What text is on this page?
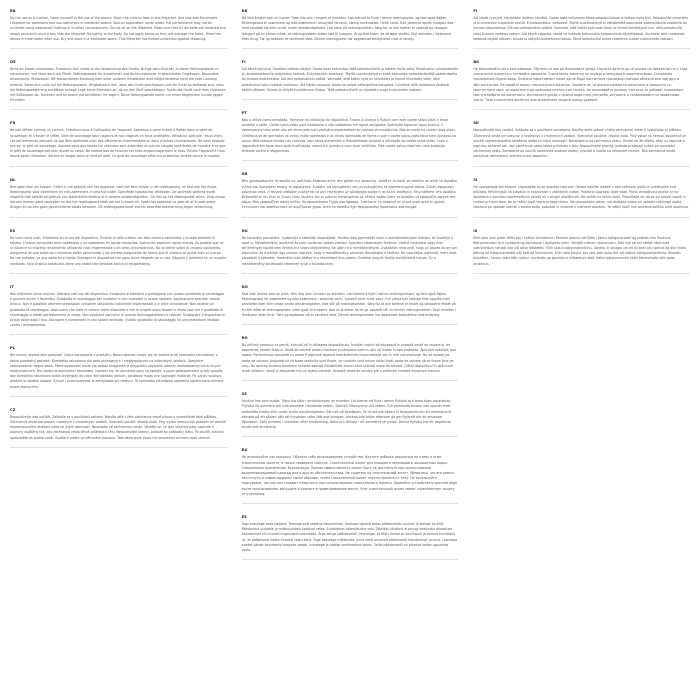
EN
Do not use as a cushion. Foam yourself in the use of the device. Teach the child to float in this lifejacket. And also test the whistle. Lifejacket for swimmers and non-swimmers in sheltered waters. Special application: white water. Full performance may not be achieved using waterproof clothing or in other circumstances. Do not sit on the lifejacket. Make sure that all the belts are fastened and straps secured in such a way that the lifejacket fits tightly to the body. Do not apply stains as they will damage the fabric. Rinse the device in fresh water after use. Dry and store in a ventilated space. This lifejacket has limited protection against drowning.
DE
Nicht als Kissen verwenden. Trainieren dich selbst in der Verwendung des Geräts. Bringe dem Kind bei, in dieser Rettungsweste zu schwimmen, und teste auch die Pfeife. Rettungsweste für Schwimmer und Nichtschwimmer in geschützten Gewässern. Besondere Anwendung: Wildwasser. Mit wasserdichter Kleidung oder unter anderen Umständen wird möglicherweise nicht die volle Leistung erreicht. Setze dich nicht auf die Rettungsweste. Vergewissere dich, dass alle Gurte geschlossen und die Gurte so befestigt sind, dass die Rettungsweste eng am Körper anliegt. Lege keine Steinbeln an, da sie den Stoff beschädigen. Spüle das Gerät nach dem Gebrauch mit Süßwasser ab. Trocknen und an einem gut belüfteten Ort lagern. Diese Rettungsweste bietet nur einen begrenzten Schutz gegen Ertrinken.
FR
Ne pas utiliser comme un coussin. Entraînez-vous à l'utilisation de l'appareil. Apprenez à votre enfant à flotter dans ce gilet de sauvetage, et à tester le sifflet. Gilet de sauvetage pour nageurs et non-nageurs en eaux protégées. Utilisation spéciale : eaux vives. Les performances peuvent ne pas être optimales avec des vêtements imperméables ou dans d'autres circonstances. Ne vous asseyez pas sur le gilet de sauvetage. Assurez-vous que toutes les ceintures sont attachées et que les sangles sont fixées de manière à ce que le gilet de sauvetage soit bien ajusté au corps. Ne mettez pas de couches car elles endommageraient le tissu. Rincez l'appareil à l'eau douce après utilisation. Séchez et rangez dans un endroit aéré. Ce gilet de sauvetage offre une protection limitée contre la noyade.
NL
Niet gebruiken als kussen. Oefen in het gebruik van het apparaat. Leer het kind drijven in dit reddingsvest, en test ook het fluitje. Reddingsvest voor zwemmers en niet-zwemmers in beschut water. Specifieke toepassing: wildwater. De optimale werking wordt mogelijk niet bereikt bij gebruik van waterdichte kleding of in andere omstandigheden. Ga niet op het reddingsvest zitten. Zorg ervoor dat alle riemen goed vastzitten en dat het reddingsvest strak om het lichaam zit. Spoel het apparaat na gebruik af in zoet water. Drogen en op een goed geventileerde plaats bewaren. Dit reddingsvest biedt slechts beperkte bescherming tegen verdrinking.
ES
No usar como cojín. Entrénese en el uso del dispositivo. Enseñe al niño a flotar con este chaleco salvavidas y pruebe también el silbato. Chaleco salvavidas para nadadores y no nadadores en aguas tranquilas. Aplicación especial: aguas bravas. Es posible que no se alcance su máximo rendimiento utilizando ropa impermeable o en otras circunstancias. No se siente sobre el chaleco salvavidas. Asegúrese de que todos los cinturones estén abrochados y las correas aseguradas de forma que el chaleco se ajuste bien al cuerpo. No use pañales, ya que dañarán el tejido. Enjuague el dispositivo con agua dulce después de su uso. Séquelo y guárdelo en un espacio ventilado. Este chaleco salvavidas tiene una protección limitada contra el ahogamiento.
IT
Non utilizzare come cuscino. Allenarsi nell'uso del dispositivo. Insegnare al bambino a galleggiare con questo giubbotto di salvataggio e provare anche il fischietto. Giubbotto di salvataggio per nuotatori e non nuotatori in acque riparate. Applicazione speciale: acqua bianca. Non è possibile ottenere prestazioni complete utilizzando indumenti impermeabili o in altre circostanze. Non sedersi sul giubbotto di salvataggio. Assicurarsi che tutte le cinture siano allacciate e che le cinghie siano fissate in modo tale che il giubbotto di salvataggio si adatti perfettamente al corpo. Non applicare pannolini in quanto danneggerebbero il tessuto. Sciacquare il dispositivo in acqua dolce dopo l'uso. Asciugare e conservare in uno spazio ventilato. Questo giubbotto di salvataggio ha una protezione limitata contro l'annegamento.
PL
Nie należy używać jako poduszki. Ćwicz korzystanie z produktu. Naucz dziecko unosić się na wodzie w tej kamizelce ratunkowej, a także przetestuj gwizdek. Kamizelka ratunkowa dla osób pływających i niepływających na osłoniętych wodach. Specjalne zastosowanie: rwąca woda. Pełna wydajność może nie zostać osiągnięta w przypadku używania odzieży wodoodpornej lub w innych okolicznościach. Nie siadaj na kamizelce ratunkowej. Upewnij się, że wszystkie pasy są zapięte, a paski zabezpieczone w taki sposób, aby kamizelka ratunkowa ściśle przylegała do ciała. Nie zakładaj pieluch, ponieważ mogą one uszkodzić materiał. Po użyciu wypłucz produkt w słodkiej wodzie. Suszyć i przechowywać w wentylowanym miejscu. Ta kamizelka ratunkowa zapewnia ograniczoną ochronę przed utonięciem.
CZ
Nepoužívejte jako polštář. Zaškolte se v používání zařízení. Naučte dítě v této záchranné vestě plavat a vyzkoušejte také píšťalku. Záchranná vesta pro plavce i neplavce v chráněných vodách. Speciální použití: divoká voda. Plný výkon nemusí být dosažen při použití nepromokavého oblečení nebo za jiných okolností. Nesedejte na záchrannou vestu. Ujistěte se, že jsou všechny pásy zapnuté a popruhy zajištěny tak, aby záchranná vesta těsně přiléhala k tělu. Nepoužívejte plenky, protože by poškodily látku. Po použití zařízení opláchněte ve sladké vodě. Osušte a uložte ve větraném prostoru. Tato záchranná vesta má omezenou ochranu proti utonutí.
DK
Må ikke bruges som en hynde. Træn dig selv i brugen af enheden. Lær barnet at flyde i denne redningsvest, og test også fløjten. Redningsvest til svømmere og ikke-svømmere i beskyttet farvand. Særlig anvendelse: Hvidt vand. Fuld ydeevne opnås muligvis ikke med vandtæt tøj eller under andre omstændigheder. Lad være på redningsvesten. Sørg for, at alle bælter er spændt og stropper fastgjort på en sådan måde, at redningsvesten sidder tæt til kroppen. Brug ikke bleer, da de øger stoffet. Skyl enheden i ferskvand efter brug. Tør og opbevar et ventileret sted. Denne redningsvest har begrænset beskyttelse mod drukning.
FI
Älä käytä tyynynä. Opettele laitteen käyttö. Opeta lasta kellumaan tällä pelastusliivillä ja kokeile myös pilliä. Pelastusliivi uimataitoisille ja uimataidottomille suojaisissa vesissä. Erityiskäyttö: koskivesi. Täyttä suorituskykyä ei ehkä saavuteta vedenkestävällä vaatetuksella tai muissa olosuhteissa. Älä istu pelastusliivin päällä. Varmista, että kaikki vyöt on kiinnitetty ja hihnat kiinnitetty siten, että pelastusliivi istuu tiukasti vartaloon. Älä käytä vaippoja, koska ne voivat vahingoittaa kangasta. Huuhtele laite makeassa vedessä käytön jälkeen. Kuivaa ja säilytä tuuletetussa tilassa. Tällä pelastusliivillä on rajoitettu suoja hukkumista vastaan.
PT
Não a utilize como almofada. Treine-se na utilização do dispositivo. Ensine a criança a flutuar com este colete salva-vidas e teste também o apito. Colete salva-vidas para nadadores e não nadadores em águas abrigadas. Aplicação especial: água branca. O desempenho total pode não ser alcançado com vestuário impermeável ou noutras circunstâncias. Não se sente no colete salva-vidas. Certifique-se de que todos os cintos estão apertados e as cintas apertadas de forma a que o colete salva-vidas fique bem ajustado ao corpo. Não coloque fraldas nas crianças, pois estas aumentam a flutuabilidade durante a utilização do colete salva-vidas. Lave o dispositivo em água doce após a utilização, seque-o e guarde-o num local ventilado. Este colete salva-vidas tem uma proteção limitada contra o afogamento.
GR
Μην χρησιμοποιείτε το προϊόν ως μαξιλάρι. Εκπαιδευτείτε στη χρήση της συσκευής. Διδάξτε το παιδί να επιπλέει σε αυτό το σωσίβιο γιλέκο και δοκιμάστε επίσης τη σφυρίχτρα. Σωσίβιο για κολυμβητές και μη κολυμβητές σε προστατευμένα ύδατα. Ειδική εφαρμογή: ορμητικά νερά. Η πλήρης απόδοση ενδέχεται να μην επιτευχθεί με αδιάβροχα ρούχα ή σε άλλες συνθήκες. Μην κάθεστε στο σωσίβιο. Βεβαιωθείτε ότι όλες οι ζώνες είναι δεμένες και οι ιμάντες στερεωμένοι με τέτοιο τρόπο ώστε το σωσίβιο να εφαρμόζει σφιχτά στο σώμα. Μην εφαρμόζετε πάνες καθώς θα προκαλέσουν ζημιά στο ύφασμα. Ξεπλύνετε τη συσκευή σε γλυκό νερό μετά τη χρήση. Στεγνώστε και αποθηκεύστε σε αεριζόμενο χώρο. Αυτό το σωσίβιο έχει περιορισμένη προστασία από πνιγμό.
HU
Ne használja párnaként. Gyakorolja a készülék használatát. Tanítsa meg gyermekét úszni a mentőmellényben lebegni, és tesztelje a sípot is. Mentőmellény úszóknak és nem úszóknak védett vizeken. Speciális alkalmazás: fehérvíz. Vízálló ruházattal vagy más körülmények között nem érhető el a teljes teljesítmény. Ne üljön rá a mentőmellényre. Győződjön meg arról, hogy az összes öv be van kapcsolva, és a pántok úgy vannak rögzítve, hogy a mentőmellény szorosan illeszkedjen a testhez. Ne használjon pelenkát, mert azok károsítják a szövetet. Használat után öblítse le a készüléket friss vízben. Szárítsa meg és tárolja szellőztetett helyen. Ez a mentőmellény korlátozott védelmet nyújt a fulladás ellen.
NO
Skal ikke brukes som en pute. Tren deg selv i bruken av enheten. Lær barnet å flyte i denne redningsvesten, og test også fløyta. Redningsvest for svømmere og ikke-svømmere i skjermet vann. Spesiell bruk: hvitt vann. Full ytelse kan kanskje ikke oppnås med vanntette klær eller under andre omstendigheter. Ikke sitt på redningsvesten. Sørg for at alle beltene er festet og stroppene festet på en slik måte at redningsvesten sitter godt til kroppen. Ikke bruk bleier da de gir oppdrift når du bruker redningsvesten. Skyll enheten i ferskvann etter bruk. Tørk og oppbevar på et ventilert sted. Denne redningsvesten har begrenset beskyttelse mot drukning.
RO
Nu utilizați produsul ca pernă. Instruiți-vă în utilizarea dispozitivului. Învățați copilul să plutească în această vestă de salvare și, de asemenea, testați fluierul. Vestă de salvare pentru înotători și persoane care nu știu să înoate în ape protejate. Aplicație specială: ape repezi. Performanța completă nu poate fi obținută folosind îmbrăcăminte impermeabilă sau în alte circumstanțe. Nu vă așezați pe vesta de salvare. Asigurați-vă că toate centurile sunt fixate, iar curelele sunt prinse astfel încât vesta de salvare să se fixeze bine pe corp. Nu aplicați scutece deoarece acestea adaugă flotabilitate atunci când utilizați vesta de salvare. Clătiți dispozitivul în apă dulce după utilizare, uscați și depozitați într-un spațiu ventilat. Această vestă de salvare are o protecție limitată împotriva înecului.
SE
Använd inte som kudde. Träna dig själv i användningen av enheten. Lär barnet att flyta i denna flytväst och testa även visselpipan. Flytväst för simmare och icke-simmare i skyddade vatten. Speciell tillämpning: vitt vatten. Full prestanda kanske inte uppnås med vattentäta kläder eller under andra omständigheter. Sitt inte på flytvästen. Se till att alla bälten är fastspända och att remmarna är säkrade på ett sådant sätt att flytvästen sitter tätt mot kroppen. Använd inte blöjor eftersom de ger flytkraft när du använder flytvästen. Skölj enheten i sötvatten efter användning, torka och förvara i ett ventilerat utrymme. Denna flytväst har ett begränsat skydd mot drunkning.
RU
Не используйте как подушку. Обучите себя использованию устройства. Научите ребенка держаться на плаву в этом спасательном жилете, а также проверьте свисток. Спасательный жилет для пловцов и непловцов в защищенных водах. Специальное применение: бурная вода. Полная эффективность может быть не достигнута при использовании водонепроницаемой одежды или в других обстоятельствах. Не садитесь на спасательный жилет. Убедитесь, что все ремни застегнуты и зафиксированы таким образом, чтобы спасательный жилет плотно прилегал к телу. Не используйте подгузники, так как они создают плавучесть при использовании спасательного жилета. Промойте устройство в пресной воде после использования, высушите и храните в проветриваемом месте. Этот спасательный жилет имеет ограниченную защиту от утопления.
EE
Ärge kasutage seda patjana. Treenige end seadme kasutamisel. Õpetage lapsele selles päästevestis ujumist ja testige ka vilet. Päästevest ujujatele ja mitteujujatele kaitstud vetes. Eriotstarve: kärestikuline vesi. Täielikku jõudlust ei pruugi veekindla rõivastuse kasutamisel või muudel tingimustel saavutada. Ärge istuge päästevestil. Veenduge, et kõik rihmad on kinnitatud ja rihmad kinnitatud nii, et päästevest istuks tihedalt vastu keha. Ärge kasutage mähkmeid, kuna need annavad päästevesti kasutamisel ujuvust. Loputage seadet pärast kasutamist mageda veega, kuivatage ja hoidke ventileeritud kohas. Sellel päästevestil on piiratud kaitse uppumise vastu.
FI
Älä käytä tyynynä. Harjoittele laitteen käyttöä. Opeta lasta kellumaan tässä pelastusliivissä ja testaa myös pilli. Pelastusliivi uimareille ja ei-uimareille suojaisilla vesillä. Erikoissovellus: valkovesi. Täyttä suorituskykyä ei välttämättä saavuteta vedenpitävillä vaatteilla tai muissa olosuhteissa. Älä istu pelastusliivin päällä. Varmista, että kaikki vyöt ovat kiinni ja hihnat kiristettyinä niin, että pelastusliivi istuu tiukasti vartaloa vasten. Älä käytä vaippoja, koska ne lisäävät kelluvuutta pelastusliiviä käytettäessä. Huuhtele laite makeassa vedessä käytön jälkeen, kuivaa ja säilytä tuuletetussa tilassa. Tämä pelastusliivi antaa rajoitetun suojan hukkumista vastaan.
BG
Не използвайте като възглавница. Обучете се как да използвате уреда. Научете детето да се държи на повърхността с тази спасителна жилетка и тествайте свирката. Спасителна жилетка за плувци и неплувци в защитени води. Специално приложение: бурни води. Пълната ефективност може да не бъде постигната при водоустойчиво облекло или при други обстоятелства. Не сядайте върху спасителната жилетка. Уверете се, че всички колани са закопчани и каишките са пристегнати така, че жилетката да прилепва плътно към тялото. Не използвайте пелени, тъй като те добавят плаваемост при употребата на жилетката. Изплакнете уреда с прясна вода след употреба, изсушете и съхранявайте на проветриво място. Тази спасителна жилетка има ограничена защита срещу удавяне.
SK
Nepoužívajte ako vankúš. Vyškolte sa v používaní zariadenia. Naučte dieťa plávať v tejto záchrannej veste a vyskúšajte aj píšťalku. Záchranná vesta pre plavcov a neplavcov v chránených vodách. Špeciálne použitie: divoká voda. Plný výkon sa nemusí dosiahnuť pri použití nepremokavého oblečenia alebo za iných okolností. Nesadajte si na záchrannú vestu. Uistite sa, že všetky pásy sú zapnuté a popruhy zaistené tak, aby záchranná vesta tesne priliehala k telu. Nepoužívajte plienky, pretože pridávajú vztlak pri používaní záchrannej vesty. Zariadenie po použití opláchnite sladkou vodou, vysušte a uložte na vetranom mieste. Táto záchranná vesta poskytuje obmedzenú ochranu pred utopením.
SI
Ne uporabljajte kot blazino. Usposobite se za uporabo naprave. Otroka naučite lebdeti v tem rešilnem jopiču in preizkusite tudi piščalko. Rešilni jopič za plavalce in neplavalce v zaščitenih vodah. Posebna uporaba: divje vode. Polna zmogljivost morda ne bo dosežena z uporabo nepremočljivih oblačil ali v drugih okoliščinah. Ne sedite na rešilni jopič. Prepričajte se, da so vsi pasovi zapeti in trakovi pritrjeni tako, da se rešilni jopič tesno prilega telesu. Ne uporabljajte plenic, saj dodajajo vzgon pri uporabi rešilnega jopiča. Napravo po uporabi sperite s sladko vodo, posušite in shranite v zračnem prostoru. Ta rešilni jopič ima omejeno zaščito pred utopitvijo.
IS
Ekki nota sem púða. Æfðu þig í notkun búnaðarins. Kenndu barninu að fljóta í þessu björgunarvesti og prófaðu líka flautuna. Björgunarvesti fyrir syndandi og ósyndandi í skjólgóðu vatni. Sérstök notkun: straumvatn. Ekki víst að full afköst náist með vatnsheldum fatnaði eða við aðrar aðstæður. Ekki sitja á björgunarvestinu. Gakktu úr skugga um að öll belti séu spennt og ólar festar þannig að björgunarvestið sitji þétt að líkamanum. Ekki nota bleyjur þar sem þær auka flot við notkun björgunarvestisins. Skolaðu búnaðinn í fersku vatni eftir notkun, þurrkaðu og geymdu á loftræstum stað. Þetta björgunarvesti veitir takmarkaða vörn gegn drukknun.
